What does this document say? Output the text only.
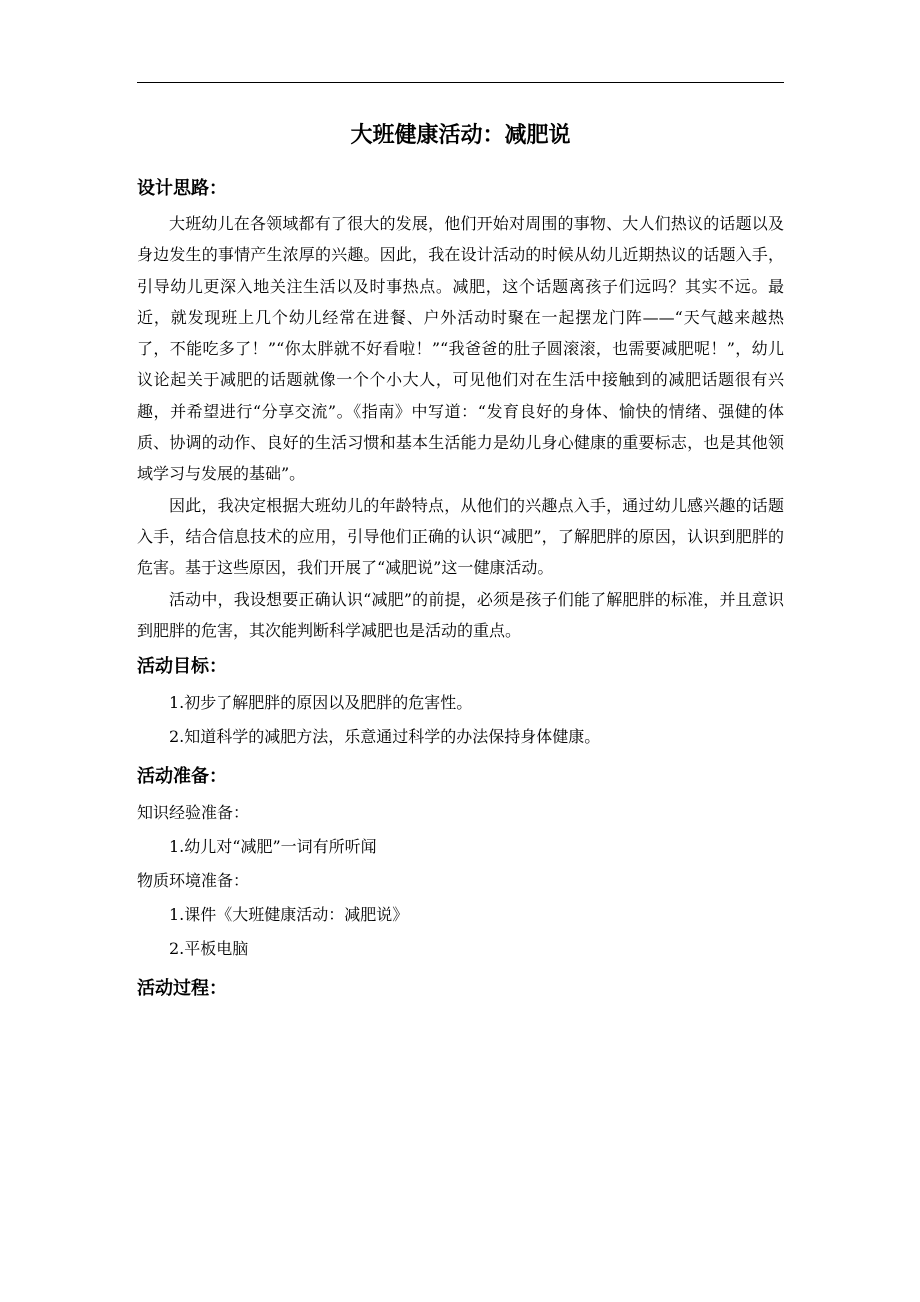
大班健康活动：减肥说

设计思路：

大班幼儿在各领域都有了很大的发展，他们开始对周围的事物、大人们热议的话题以及身边发生的事情产生浓厚的兴趣。因此，我在设计活动的时候从幼儿近期热议的话题入手，引导幼儿更深入地关注生活以及时事热点。减肥，这个话题离孩子们远吗？其实不远。最近，就发现班上几个幼儿经常在进餐、户外活动时聚在一起摆龙门阵——“天气越来越热了，不能吃多了！”“你太胖就不好看啦！”“我爸爸的肚子圆滚滚，也需要减肥呢！”，幼儿议论起关于减肥的话题就像一个个小大人，可见他们对在生活中接触到的减肥话题很有兴趣，并希望进行“分享交流”。《指南》中写道：“发育良好的身体、愉快的情绪、强健的体质、协调的动作、良好的生活习惯和基本生活能力是幼儿身心健康的重要标志，也是其他领域学习与发展的基础”。

因此，我决定根据大班幼儿的年龄特点，从他们的兴趣点入手，通过幼儿感兴趣的话题入手，结合信息技术的应用，引导他们正确的认识“减肥”，了解肥胖的原因，认识到肥胖的危害。基于这些原因，我们开展了“减肥说”这一健康活动。

活动中，我设想要正确认识“减肥”的前提，必须是孩子们能了解肥胖的标准，并且意识到肥胖的危害，其次能判断科学减肥也是活动的重点。

活动目标：

1.初步了解肥胖的原因以及肥胖的危害性。

2.知道科学的减肥方法，乐意通过科学的办法保持身体健康。

活动准备：

知识经验准备：

1.幼儿对“减肥”一词有所听闻

物质环境准备：

1.课件《大班健康活动：减肥说》

2.平板电脑

活动过程：
